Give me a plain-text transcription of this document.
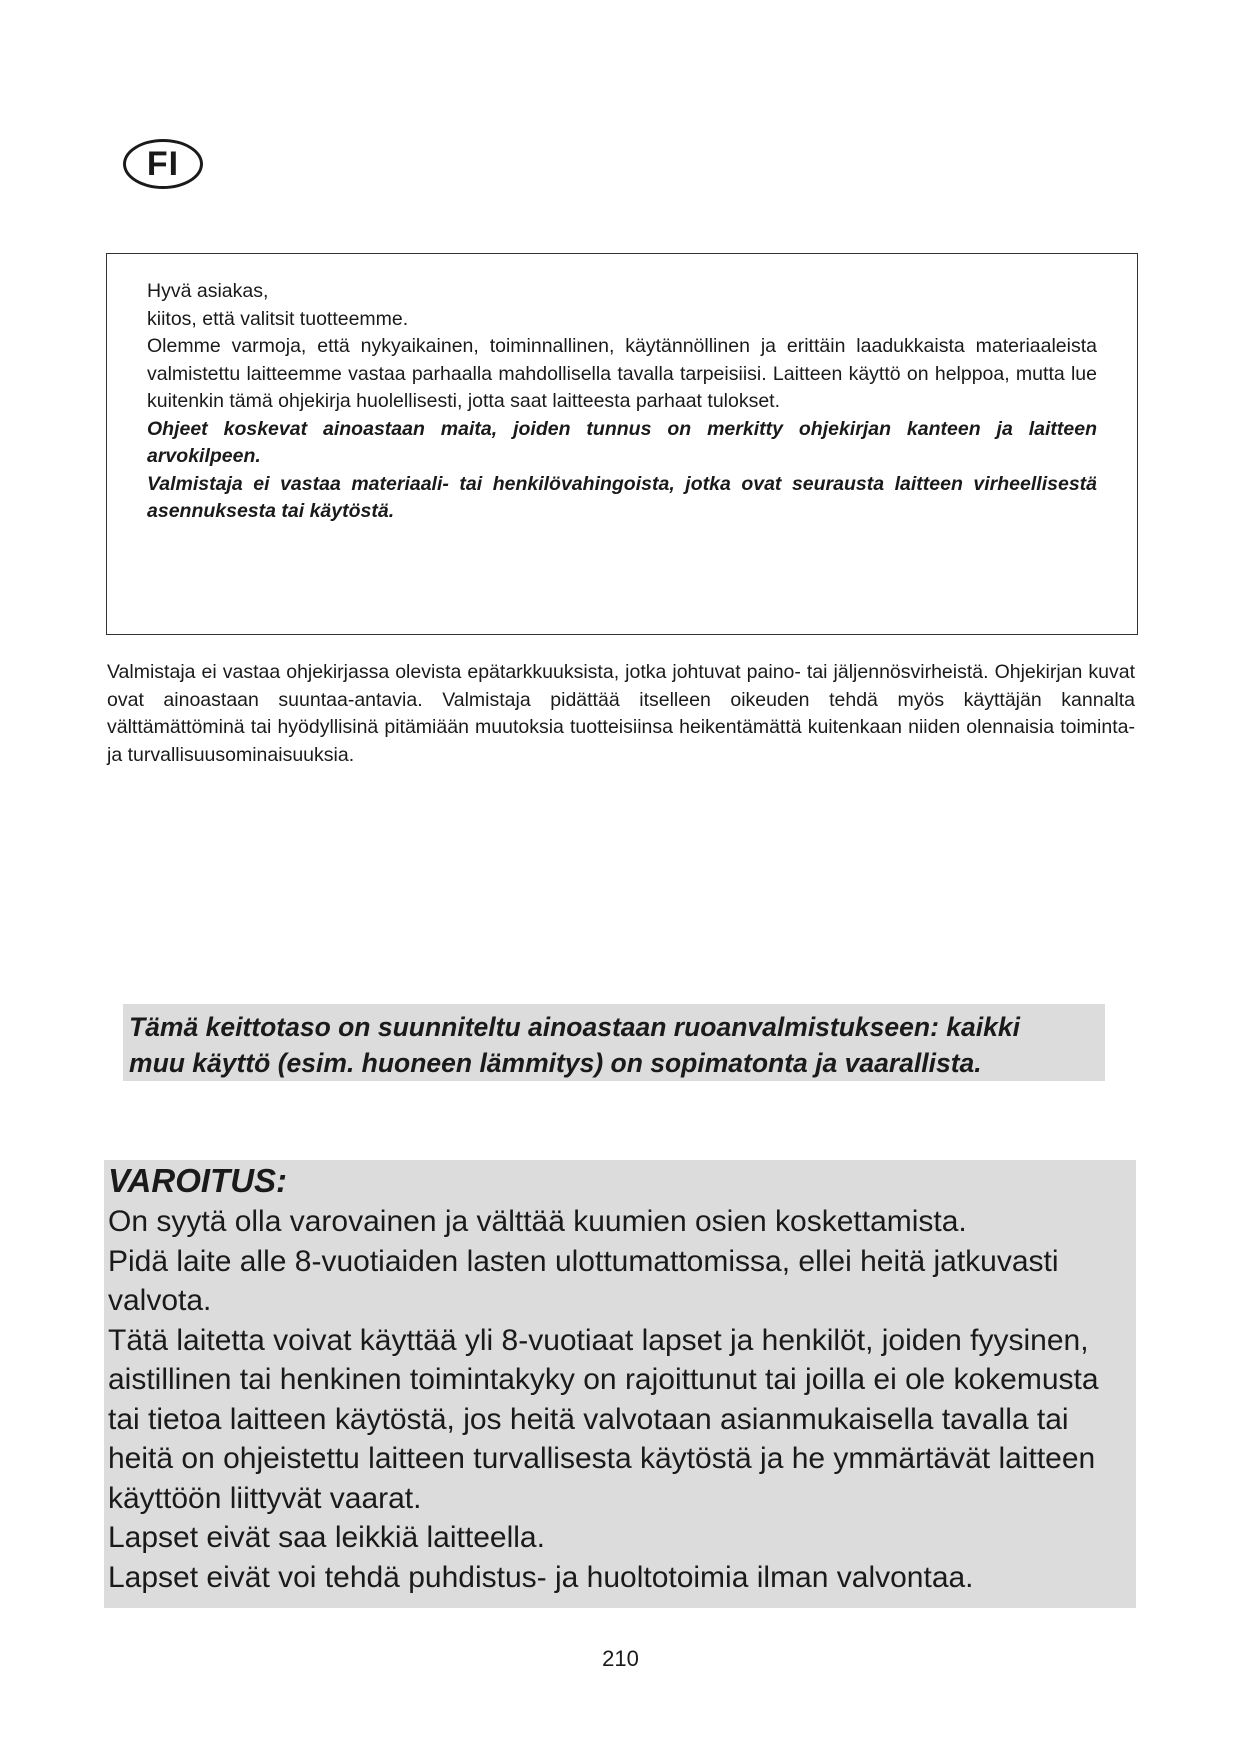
FI

Hyvä asiakas,

kiitos, että valitsit tuotteemme.

Olemme varmoja, että nykyaikainen, toiminnallinen, käytännöllinen ja erittäin laadukkaista materiaaleista valmistettu laitteemme vastaa parhaalla mahdollisella tavalla tarpeisiisi. Laitteen käyttö on helppoa, mutta lue kuitenkin tämä ohjekirja huolellisesti, jotta saat laitteesta parhaat tulokset.

Ohjeet koskevat ainoastaan maita, joiden tunnus on merkitty ohjekirjan kanteen ja laitteen arvokilpeen.

Valmistaja ei vastaa materiaali- tai henkilövahingoista, jotka ovat seurausta laitteen virheellisestä asennuksesta tai käytöstä.

Valmistaja ei vastaa ohjekirjassa olevista epätarkkuuksista, jotka johtuvat paino- tai jäljennösvirheistä. Ohjekirjan kuvat ovat ainoastaan suuntaa-antavia. Valmistaja pidättää itselleen oikeuden tehdä myös käyttäjän kannalta välttämättöminä tai hyödyllisinä pitämiään muutoksia tuotteisiinsa heikentämättä kuitenkaan niiden olennaisia toiminta- ja turvallisuusominaisuuksia.

Tämä keittotaso on suunniteltu ainoastaan ruoanvalmistukseen: kaikki
muu käyttö (esim. huoneen lämmitys) on sopimatonta ja vaarallista.

VAROITUS:

On syytä olla varovainen ja välttää kuumien osien koskettamista.

Pidä laite alle 8-vuotiaiden lasten ulottumattomissa, ellei heitä jatkuvasti valvota.

Tätä laitetta voivat käyttää yli 8-vuotiaat lapset ja henkilöt, joiden fyysinen, aistillinen tai henkinen toimintakyky on rajoittunut tai joilla ei ole kokemusta tai tietoa laitteen käytöstä, jos heitä valvotaan asianmukaisella tavalla tai heitä on ohjeistettu laitteen turvallisesta käytöstä ja he ymmärtävät laitteen käyttöön liittyvät vaarat.

Lapset eivät saa leikkiä laitteella.

Lapset eivät voi tehdä puhdistus- ja huoltotoimia ilman valvontaa.

210
